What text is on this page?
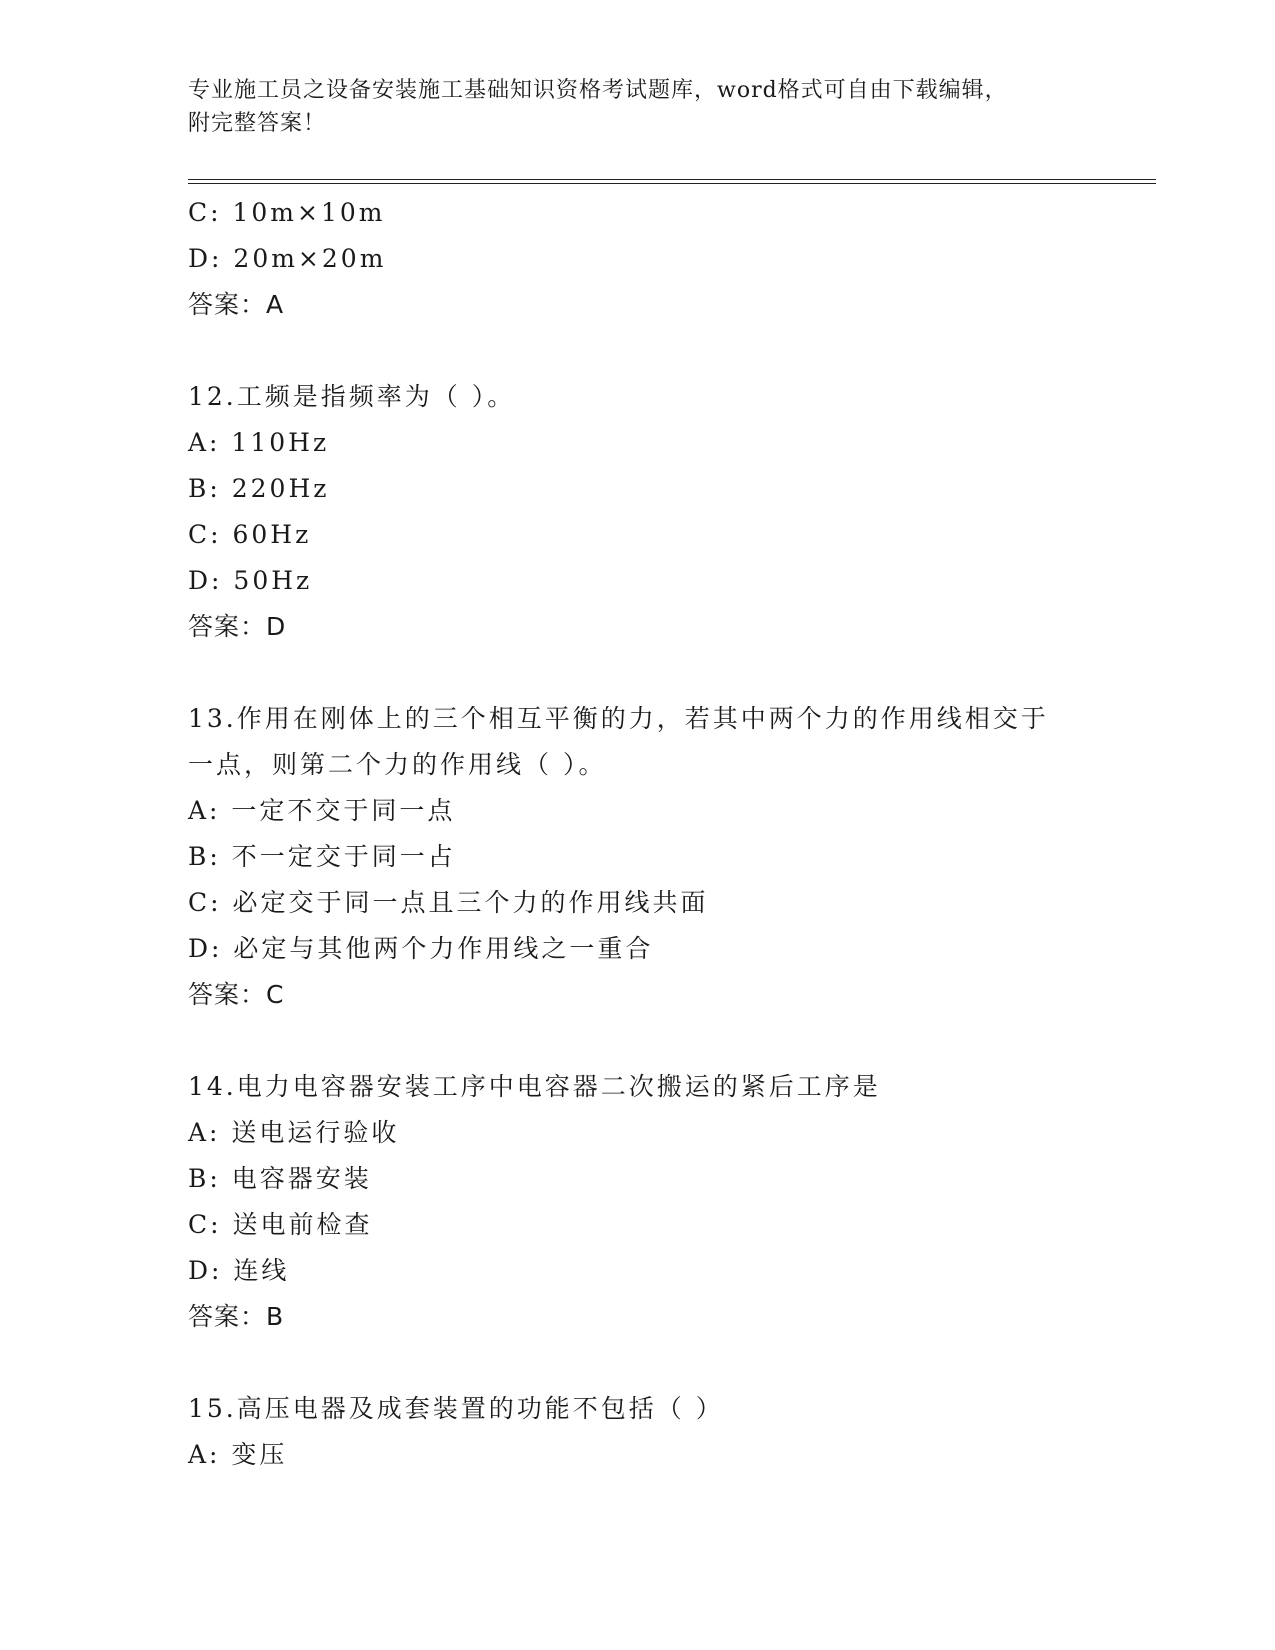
专业施工员之设备安装施工基础知识资格考试题库，word格式可自由下载编辑，
附完整答案！
C: 10m×10m
D: 20m×20m
答案：A
12.工频是指频率为（ ）。
A: 110Hz
B: 220Hz
C: 60Hz
D: 50Hz
答案：D
13.作用在刚体上的三个相互平衡的力，若其中两个力的作用线相交于
一点，则第二个力的作用线（ ）。
A: 一定不交于同一点
B: 不一定交于同一占
C: 必定交于同一点且三个力的作用线共面
D: 必定与其他两个力作用线之一重合
答案：C
14.电力电容器安装工序中电容器二次搬运的紧后工序是
A: 送电运行验收
B: 电容器安装
C: 送电前检查
D: 连线
答案：B
15.高压电器及成套装置的功能不包括（ ）
A: 变压
